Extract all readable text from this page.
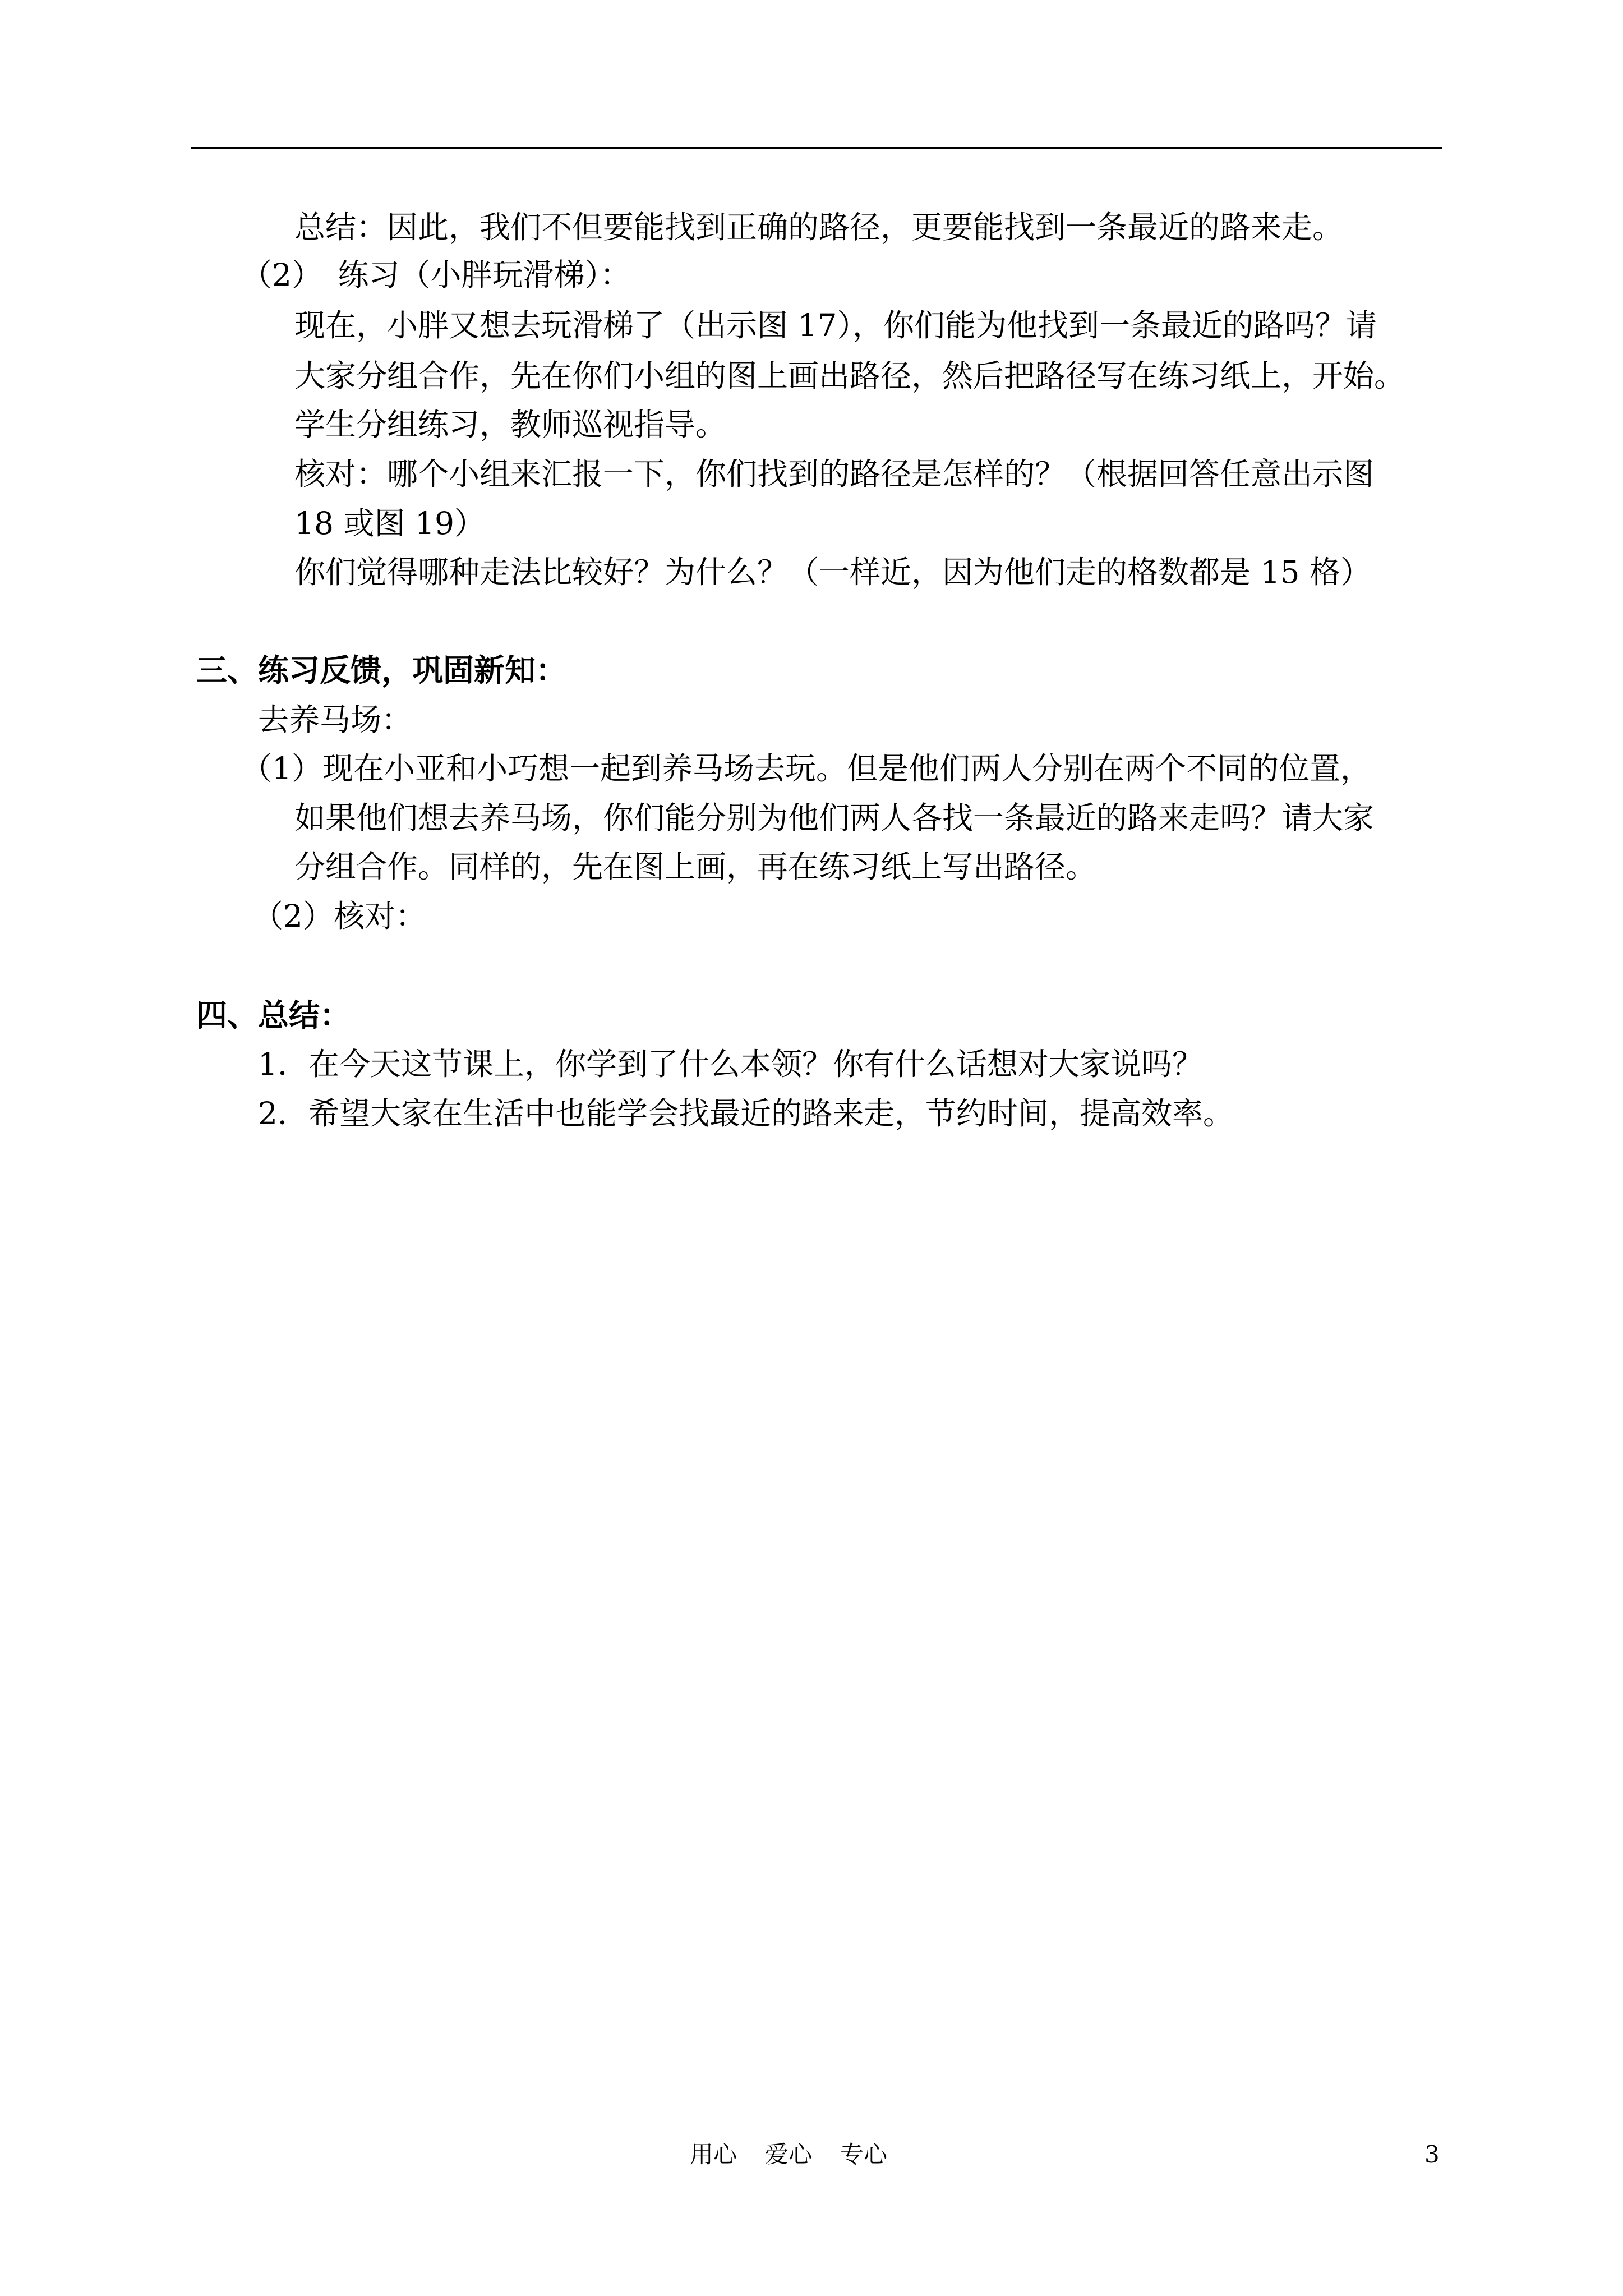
总结：因此，我们不但要能找到正确的路径，更要能找到一条最近的路来走。
（2）　练习（小胖玩滑梯）：
现在，小胖又想去玩滑梯了（出示图 17），你们能为他找到一条最近的路吗？请
大家分组合作，先在你们小组的图上画出路径，然后把路径写在练习纸上，开始。
学生分组练习，教师巡视指导。
核对：哪个小组来汇报一下，你们找到的路径是怎样的？（根据回答任意出示图
18 或图 19）
你们觉得哪种走法比较好？为什么？（一样近，因为他们走的格数都是 15 格）
三、练习反馈，巩固新知：
去养马场：
（1）现在小亚和小巧想一起到养马场去玩。但是他们两人分别在两个不同的位置，
如果他们想去养马场，你们能分别为他们两人各找一条最近的路来走吗？请大家
分组合作。同样的，先在图上画，再在练习纸上写出路径。
（2）核对：
四、总结：
1．在今天这节课上，你学到了什么本领？你有什么话想对大家说吗？
2．希望大家在生活中也能学会找最近的路来走，节约时间，提高效率。
用心 爱心 专心	3
